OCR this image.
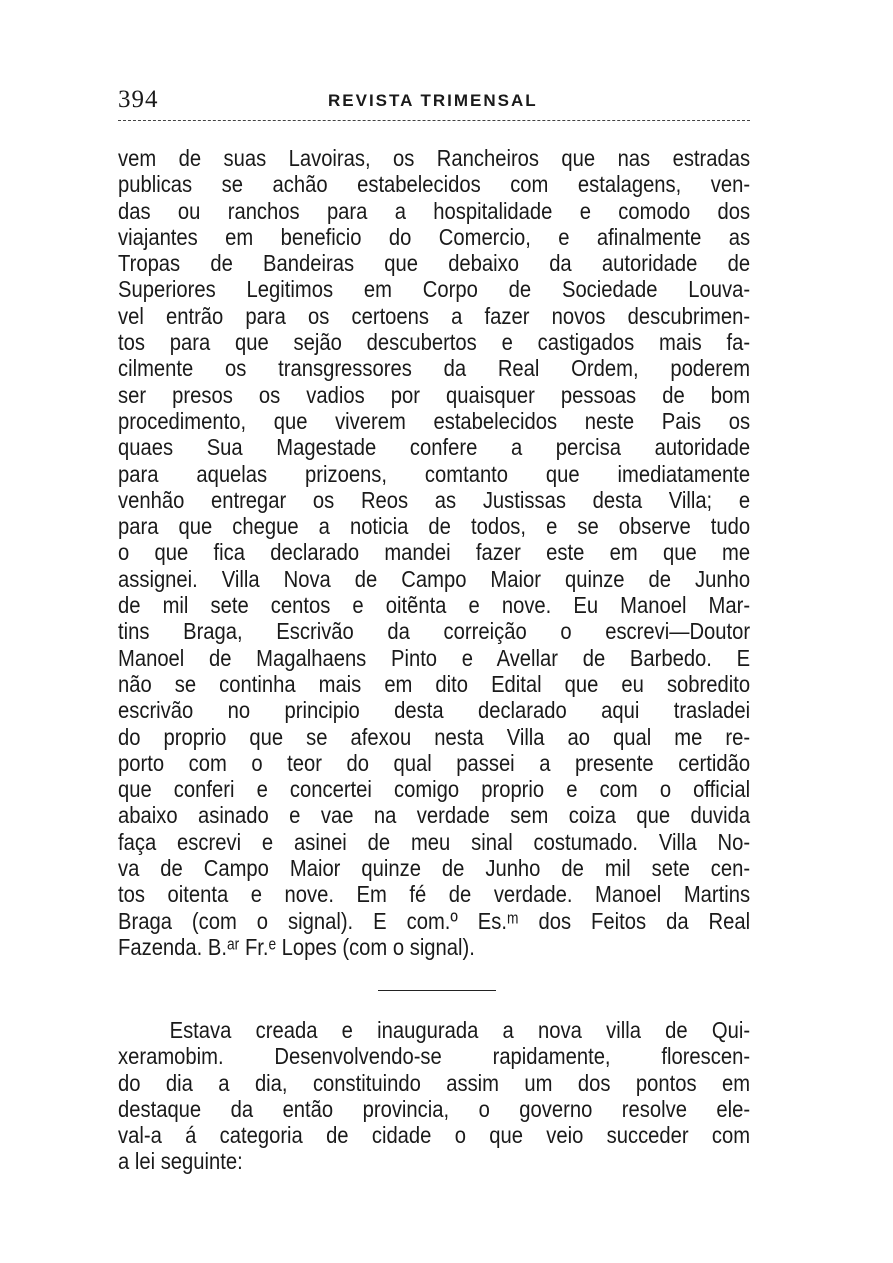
394	REVISTA TRIMENSAL
vem de suas Lavoiras, os Rancheiros que nas estradas
publicas se achão estabelecidos com estalagens, ven-
das ou ranchos para a hospitalidade e comodo dos
viajantes em beneficio do Comercio, e afinalmente as
Tropas de Bandeiras que debaixo da autoridade de
Superiores Legitimos em Corpo de Sociedade Louva-
vel entrão para os certoens a fazer novos descubrimen-
tos para que sejão descubertos e castigados mais fa-
cilmente os transgressores da Real Ordem, poderem
ser presos os vadios por quaisquer pessoas de bom
procedimento, que viverem estabelecidos neste Pais os
quaes Sua Magestade confere a percisa autoridade
para aquelas prizoens, comtanto que imediatamente
venhão entregar os Reos as Justissas desta Villa; e
para que chegue a noticia de todos, e se observe tudo
o que fica declarado mandei fazer este em que me
assignei. Villa Nova de Campo Maior quinze de Junho
de mil sete centos e oitẽnta e nove. Eu Manoel Mar-
tins Braga, Escrivão da correição o escrevi—Doutor
Manoel de Magalhaens Pinto e Avellar de Barbedo. E
não se continha mais em dito Edital que eu sobredito
escrivão no principio desta declarado aqui trasladei
do proprio que se afexou nesta Villa ao qual me re-
porto com o teor do qual passei a presente certidão
que conferi e concertei comigo proprio e com o official
abaixo asinado e vae na verdade sem coiza que duvida
faça escrevi e asinei de meu sinal costumado. Villa No-
va de Campo Maior quinze de Junho de mil sete cen-
tos oitenta e nove. Em fé de verdade. Manoel Martins
Braga (com o signal). E com.º Es.ᵐ dos Feitos da Real
Fazenda. B.ᵃʳ Fr.ᵉ Lopes (com o signal).
Estava creada e inaugurada a nova villa de Qui-
xeramobim. Desenvolvendo-se rapidamente, florescen-
do dia a dia, constituindo assim um dos pontos em
destaque da então provincia, o governo resolve ele-
val-a á categoria de cidade o que veio succeder com
a lei seguinte:
